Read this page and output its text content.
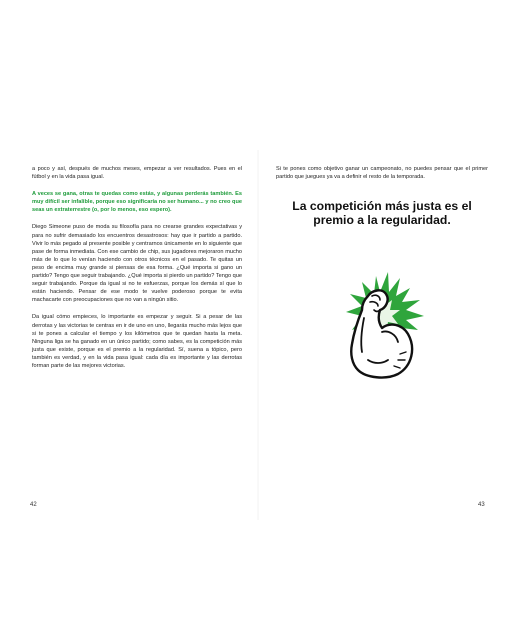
a poco y así, después de muchos meses, empezar a ver resultados. Pues en el fútbol y en la vida pasa igual.

A veces se gana, otras te quedas como estás, y algunas perderás también. Es muy difícil ser infalible, porque eso significaría no ser humano... y no creo que seas un extraterrestre (o, por lo menos, eso espero).

Diego Simeone puso de moda su filosofía para no crearse grandes expectativas y para no sufrir demasiado los encuentros desastrosos: hay que ir partido a partido. Vivir lo más pegado al presente posible y centrarnos únicamente en lo siguiente que pase de forma inmediata. Con ese cambio de chip, sus jugadores mejoraron mucho más de lo que lo venían haciendo con otros técnicos en el pasado. Te quitas un peso de encima muy grande si piensas de esa forma. ¿Qué importa si gano un partido? Tengo que seguir trabajando. ¿Qué importa si pierdo un partido? Tengo que seguir trabajando. Porque da igual si no te esfuerzas, porque los demás sí que lo están haciendo. Pensar de ese modo te vuelve poderoso porque te evita machacarte con preocupaciones que no van a ningún sitio.

Da igual cómo empieces, lo importante es empezar y seguir. Si a pesar de las derrotas y las victorias te centras en ir de uno en uno, llegarás mucho más lejos que si te pones a calcular el tiempo y los kilómetros que te quedan hasta la meta. Ninguna liga se ha ganado en un único partido; como sabes, es la competición más justa que existe, porque es el premio a la regularidad. Sí, suena a tópico, pero también es verdad, y en la vida pasa igual: cada día es importante y las derrotas forman parte de las mejores victorias.

Si te pones como objetivo ganar un campeonato, no puedes pensar que el primer partido que juegues ya va a definir el resto de la temporada.

La competición más justa es el premio a la regularidad.
42	43
